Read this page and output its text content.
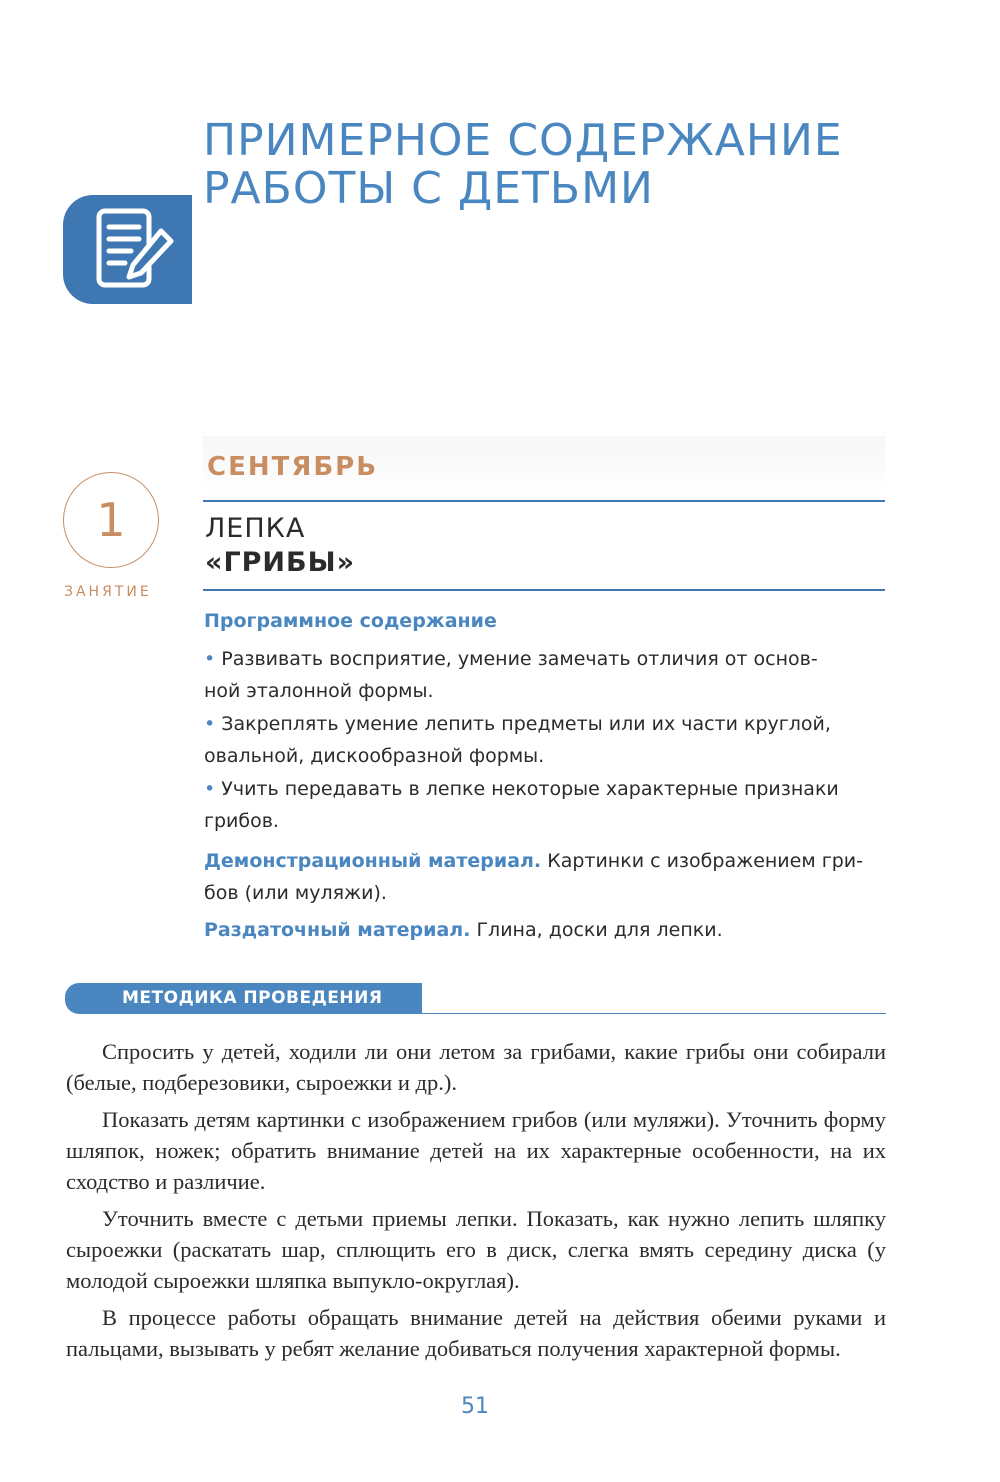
ПРИМЕРНОЕ СОДЕРЖАНИЕ
РАБОТЫ С ДЕТЬМИ
СЕНТЯБРЬ
1
ЗАНЯТИЕ
ЛЕПКА
«ГРИБЫ»
Программное содержание
• Развивать восприятие, умение замечать отличия от основ-
ной эталонной формы.
• Закреплять умение лепить предметы или их части круглой,
овальной, дискообразной формы.
• Учить передавать в лепке некоторые характерные признаки
грибов.
Демонстрационный материал. Картинки с изображением гри-
бов (или муляжи).
Раздаточный материал. Глина, доски для лепки.
МЕТОДИКА ПРОВЕДЕНИЯ

Спросить у детей, ходили ли они летом за грибами, какие грибы они собирали (белые, подберезовики, сыроежки и др.).

Показать детям картинки с изображением грибов (или муляжи). Уточнить форму шляпок, ножек; обратить внимание детей на их характерные особенности, на их сходство и различие.

Уточнить вместе с детьми приемы лепки. Показать, как нужно лепить шляпку сыроежки (раскатать шар, сплющить его в диск, слегка вмять середину диска (у молодой сыроежки шляпка выпукло-округлая).

В процессе работы обращать внимание детей на действия обеими руками и пальцами, вызывать у ребят желание добиваться получения характерной формы.

51
